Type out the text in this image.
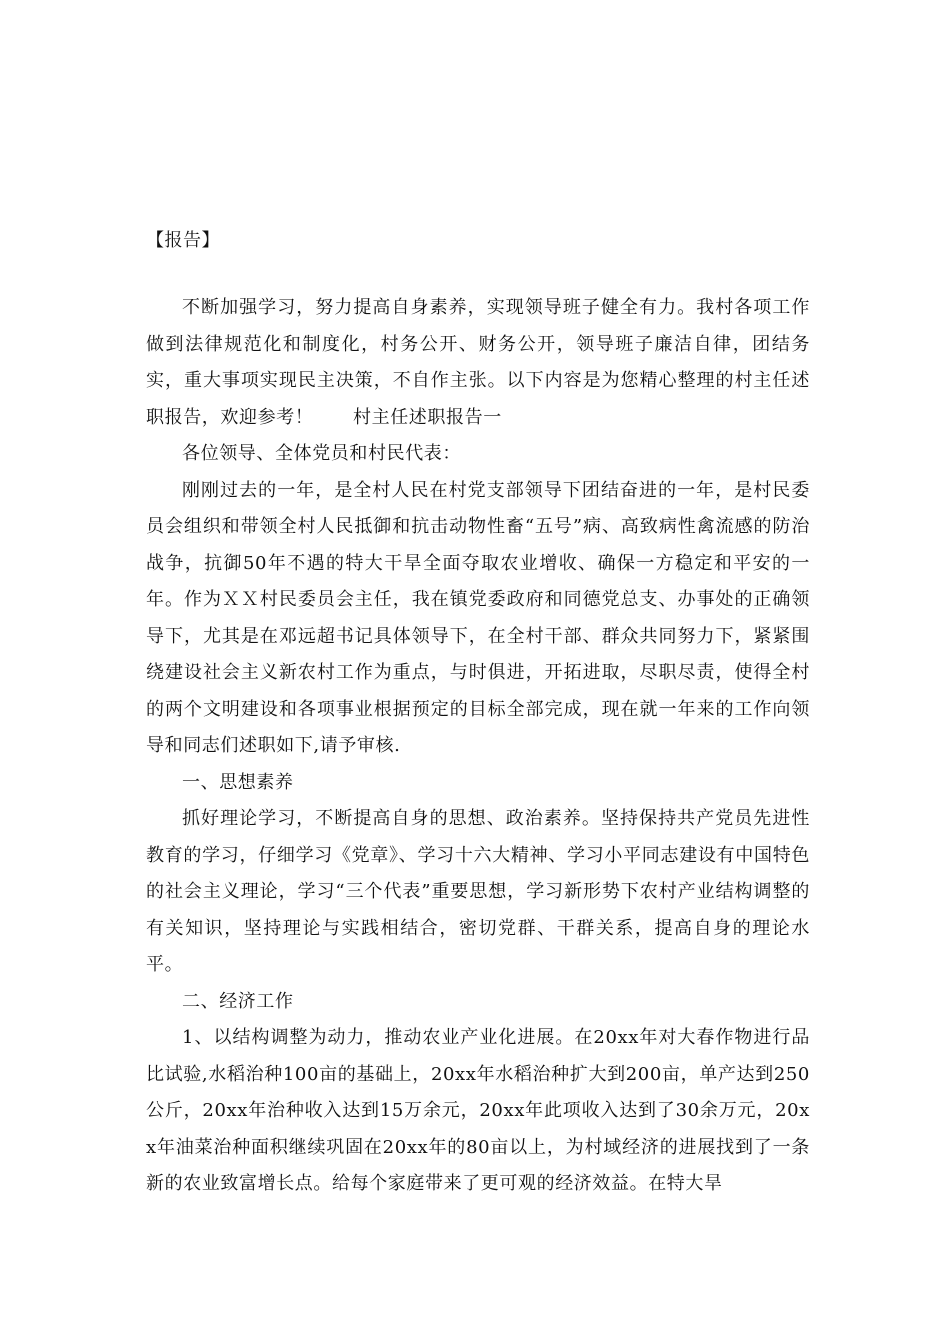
【报告】

不断加强学习，努力提高自身素养，实现领导班子健全有力。我村各项工作做到法律规范化和制度化，村务公开、财务公开，领导班子廉洁自律，团结务实，重大事项实现民主决策，不自作主张。以下内容是为您精心整理的村主任述职报告，欢迎参考！ 村主任述职报告一

各位领导、全体党员和村民代表：

刚刚过去的一年，是全村人民在村党支部领导下团结奋进的一年，是村民委员会组织和带领全村人民抵御和抗击动物性畜“五号”病、高致病性禽流感的防治战争，抗御50年不遇的特大干旱全面夺取农业增收、确保一方稳定和平安的一年。作为ＸＸ村民委员会主任，我在镇党委政府和同德党总支、办事处的正确领导下，尤其是在邓远超书记具体领导下，在全村干部、群众共同努力下，紧紧围绕建设社会主义新农村工作为重点，与时俱进，开拓进取，尽职尽责，使得全村的两个文明建设和各项事业根据预定的目标全部完成，现在就一年来的工作向领导和同志们述职如下,请予审核.

一、思想素养

抓好理论学习，不断提高自身的思想、政治素养。坚持保持共产党员先进性教育的学习，仔细学习《党章》、学习十六大精神、学习小平同志建设有中国特色的社会主义理论，学习“三个代表”重要思想，学习新形势下农村产业结构调整的有关知识，坚持理论与实践相结合，密切党群、干群关系，提高自身的理论水平。

二、经济工作

1、以结构调整为动力，推动农业产业化进展。在20xx年对大春作物进行品比试验,水稻治种100亩的基础上，20xx年水稻治种扩大到200亩，单产达到250公斤，20xx年治种收入达到15万余元，20xx年此项收入达到了30余万元，20xx年油菜治种面积继续巩固在20xx年的80亩以上，为村域经济的进展找到了一条新的农业致富增长点。给每个家庭带来了更可观的经济效益。在特大旱
